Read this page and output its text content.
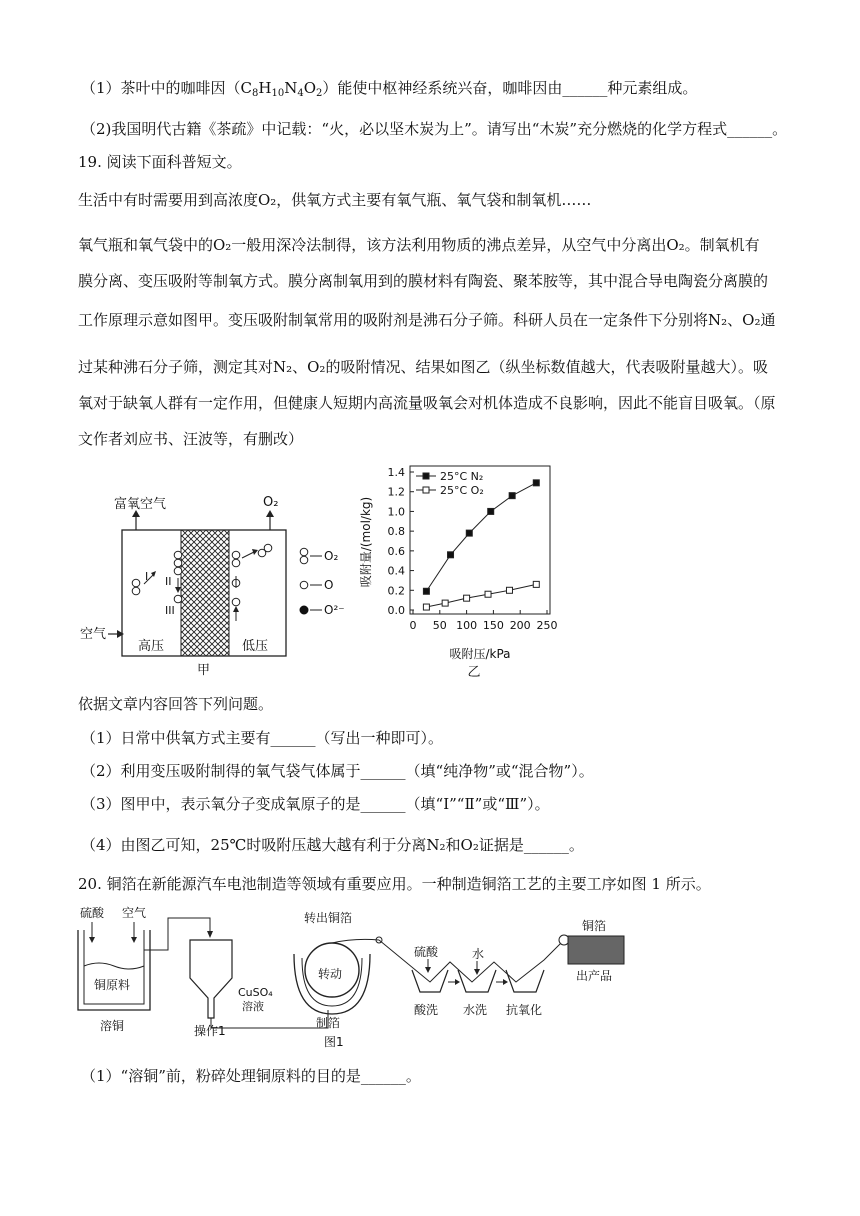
（1）茶叶中的咖啡因$(C_8H_{10}N_4O_2)$能使中枢神经系统兴奋，咖啡因由______种元素组成。
（2)我国明代古籍《茶疏》中记载：“火，必以坚木炭为上”。请写出“木炭”充分燃烧的化学方程式______。
19. 阅读下面科普短文。
生活中有时需要用到高浓度O₂，供氧方式主要有氧气瓶、氧气袋和制氧机……
氧气瓶和氧气袋中的O₂一般用深冷法制得，该方法利用物质的沸点差异，从空气中分离出O₂。制氧机有
膜分离、变压吸附等制氧方式。膜分离制氧用到的膜材料有陶瓷、聚苯胺等，其中混合导电陶瓷分离膜的
工作原理示意如图甲。变压吸附制氧常用的吸附剂是沸石分子筛。科研人员在一定条件下分别将N₂、O₂通
过某种沸石分子筛，测定其对N₂、O₂的吸附情况、结果如图乙（纵坐标数值越大，代表吸附量越大）。吸
氧对于缺氧人群有一定作用，但健康人短期内高流量吸氧会对机体造成不良影响，因此不能盲目吸氧。（原
文作者刘应书、汪波等，有删改）
富氧空气	O₂
空气
高压	低压
I II
III
O₂
O
O²⁻
甲
吸附量/(mol/kg)
吸附压/kPa
乙
0.0
0.2
0.4
0.6
0.8
1.0
1.2
1.4
0 50 100 150 200 250
25°C N₂
25°C O₂
依据文章内容回答下列问题。
（1）日常中供氧方式主要有______（写出一种即可）。
（2）利用变压吸附制得的氧气袋气体属于______（填“纯净物”或“混合物”）。
（3）图甲中，表示氧分子变成氧原子的是______（填“Ⅰ”“Ⅱ”或“Ⅲ”）。
（4）由图乙可知，25℃时吸附压越大越有利于分离N₂和O₂证据是______。
20. 铜箔在新能源汽车电池制造等领域有重要应用。一种制造铜箔工艺的主要工序如图 1 所示。
硫酸 空气
铜原料
溶铜	操作1
CuSO₄
溶液
转出铜箔
转动
制箔
硫酸	水
酸洗 水洗 抗氧化
铜箔
出产品
图1
（1）“溶铜”前，粉碎处理铜原料的目的是______。
